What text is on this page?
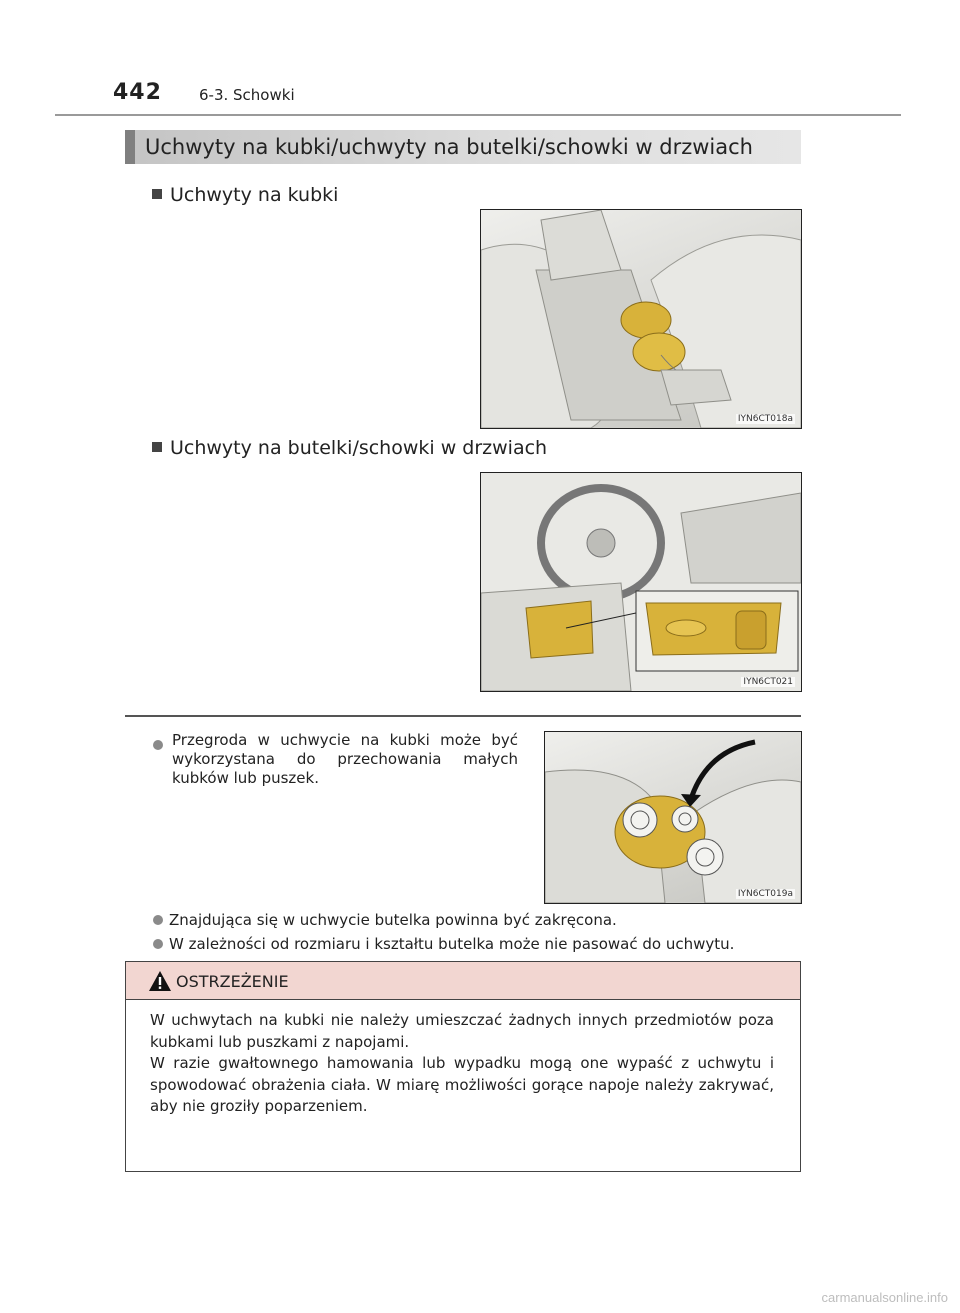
442 6-3. Schowki
Uchwyty na kubki/uchwyty na butelki/schowki w drzwiach
Uchwyty na kubki
IYN6CT018a
Uchwyty na butelki/schowki w drzwiach
IYN6CT021
Przegroda w uchwycie na kubki może być wykorzystana do przechowania małych kubków lub puszek.
IYN6CT019a
Znajdująca się w uchwycie butelka powinna być zakręcona.
W zależności od rozmiaru i kształtu butelka może nie pasować do uchwytu.
OSTRZEŻENIE
W uchwytach na kubki nie należy umieszczać żadnych innych przedmiotów poza kubkami lub puszkami z napojami.
W razie gwałtownego hamowania lub wypadku mogą one wypaść z uchwytu i spowodować obrażenia ciała. W miarę możliwości gorące napoje należy zakrywać, aby nie groziły poparzeniem.
carmanualsonline.info
